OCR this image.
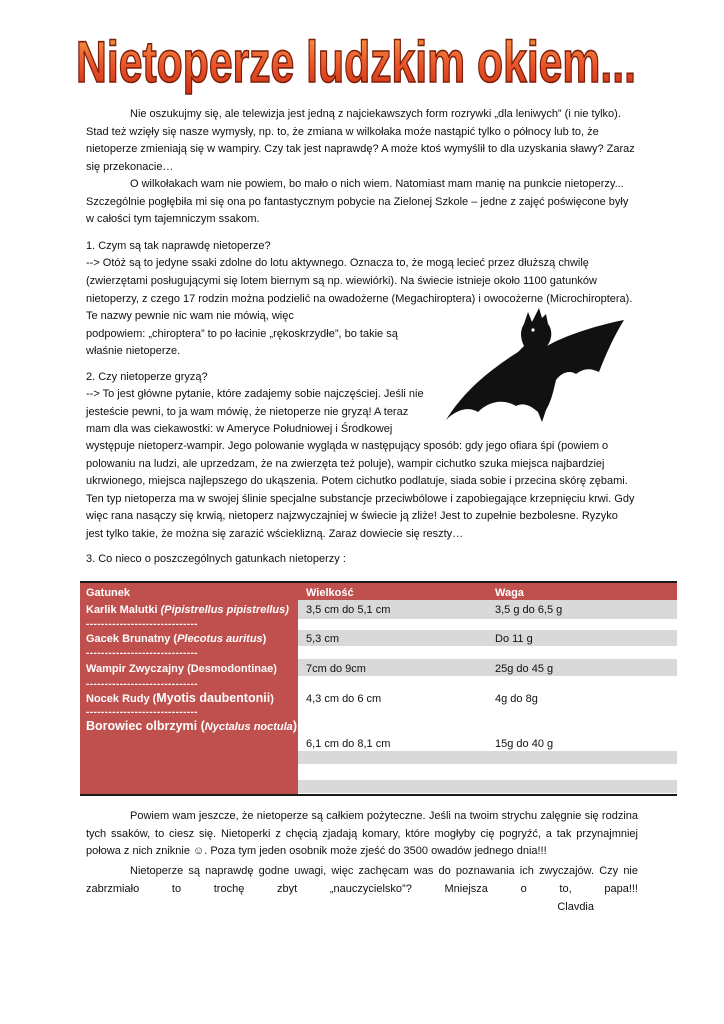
Nietoperze ludzkim okiem...

Nie oszukujmy się, ale telewizja jest jedną z najciekawszych form rozrywki „dla leniwych” (i nie tylko). Stad też wzięły się nasze wymysły, np. to, że zmiana w wilkołaka może nastąpić tylko o północy lub to, że nietoperze zmieniają się w wampiry. Czy tak jest naprawdę? A może ktoś wymyślił to dla uzyskania sławy? Zaraz się przekonacie…

O wilkołakach wam nie powiem, bo mało o nich wiem. Natomiast mam manię na punkcie nietoperzy... Szczególnie pogłębiła mi się ona po fantastycznym pobycie na Zielonej Szkole – jedne z zajęć poświęcone były w całości tym tajemniczym ssakom.

1. Czym są tak naprawdę nietoperze?

--> Otóż są to jedyne ssaki zdolne do lotu aktywnego. Oznacza to, że mogą lecieć przez dłuższą chwilę

(zwierzętami posługującymi się lotem biernym są np. wiewiórki). Na świecie istnieje około 1100 gatunków nietoperzy, z czego 17 rodzin można podzielić na owadożerne (Megachiroptera) i owocożerne (Microchiroptera). Te nazwy pewnie nic wam nie mówią, więc

podpowiem: „chiroptera” to po łacinie „rękoskrzydłe”, bo takie są

właśnie nietoperze.

2. Czy nietoperze gryzą?

--> To jest główne pytanie, które zadajemy sobie najczęściej. Jeśli nie

jesteście pewni, to ja wam mówię, że nietoperze nie gryzą! A teraz

mam dla was ciekawostki: w Ameryce Południowej i Środkowej

występuje nietoperz-wampir. Jego polowanie wygląda w następujący sposób: gdy jego ofiara śpi (powiem o polowaniu na ludzi, ale uprzedzam, że na zwierzęta też poluje), wampir cichutko szuka miejsca najbardziej ukrwionego, miejsca najlepszego do ukąszenia. Potem cichutko podlatuje, siada sobie i przecina skórę zębami. Ten typ nietoperza ma w swojej ślinie specjalne substancje przeciwbólowe i zapobiegające krzepnięciu krwi. Gdy więc rana nasączy się krwią, nietoperz najzwyczajniej w świecie ją zliże! Jest to zupełnie bezbolesne. Ryzyko jest tylko takie, że można się zarazić wścieklizną. Zaraz dowiecie się reszty…

3. Co nieco o poszczególnych gatunkach nietoperzy :

Gatunek	Wielkość	Waga
Karlik Malutki (Pipistrellus pipistrellus)
------------------------------
Gacek Brunatny (Plecotus auritus)
------------------------------
Wampir Zwyczajny (Desmodontinae)
------------------------------
Nocek Rudy (Myotis daubentonii)
------------------------------
Borowiec olbrzymi (Nyctalus noctula)
3,5 cm do 5,1 cm
5,3 cm
7cm do 9cm
4,3 cm do 6 cm
6,1 cm do 8,1 cm
3,5 g do 6,5 g
Do 11 g
25g do 45 g
4g do 8g
15g do 40 g

Powiem wam jeszcze, że nietoperze są całkiem pożyteczne. Jeśli na twoim strychu zalęgnie się rodzina tych ssaków, to ciesz się. Nietoperki z chęcią zjadają komary, które mogłyby cię pogryźć, a tak przynajmniej połowa z nich zniknie ☺. Poza tym jeden osobnik może zjeść do 3500 owadów jednego dnia!!!

Nietoperze są naprawdę godne uwagi, więc zachęcam was do poznawania ich zwyczajów. Czy nie zabrzmiało to trochę zbyt „nauczycielsko”? Mniejsza o to, papa!!!

Clavdia
